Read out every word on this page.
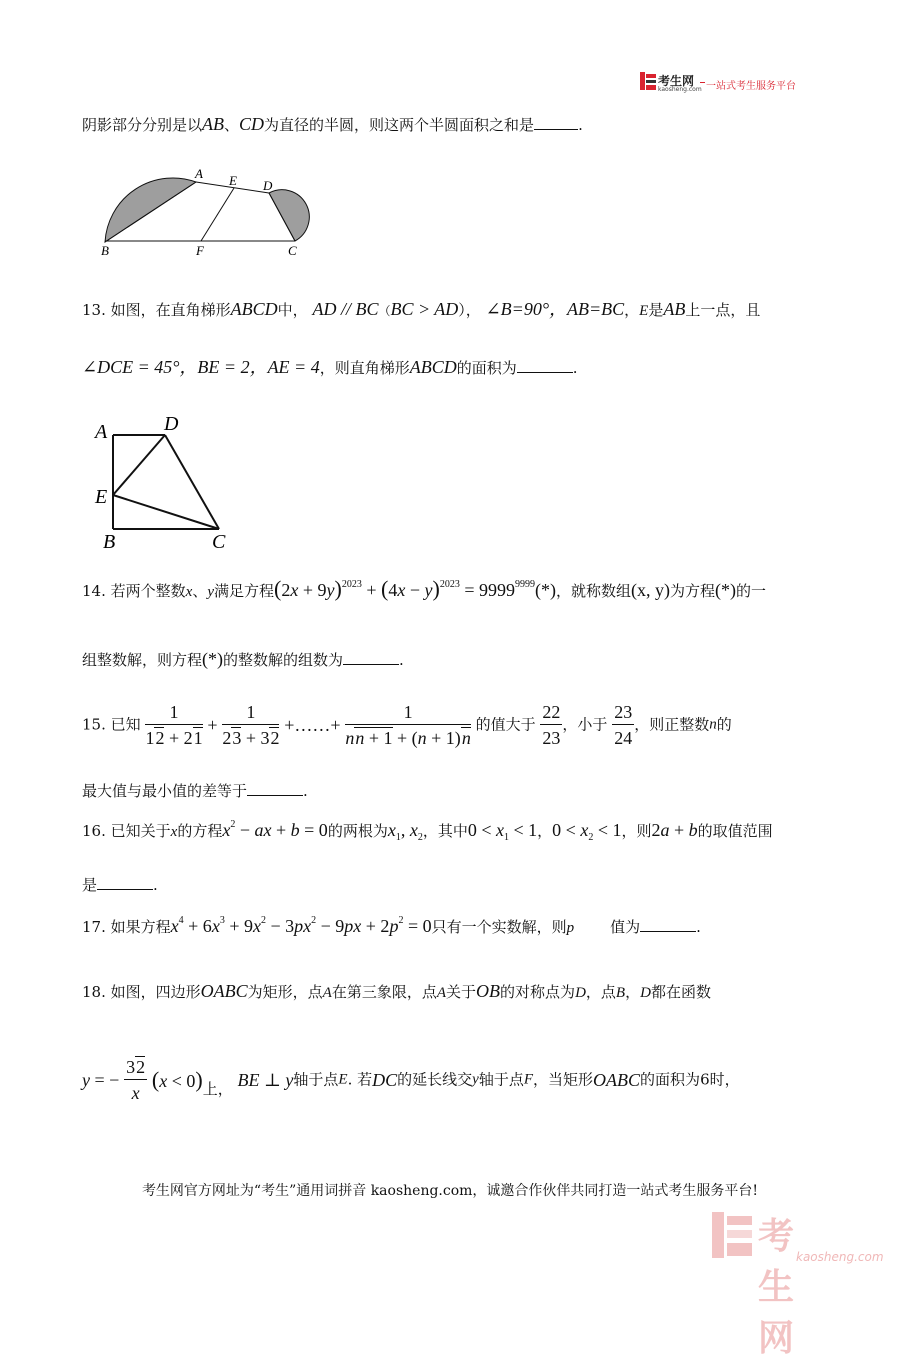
考生网
kaosheng.com 一站式考生服务平台
阴影部分分别是以AB、CD为直径的半圆，则这两个半圆面积之和是	.
A E D
B	F	C
13. 如图，在直角梯形ABCD中， AD // BC（BC > AD）， ∠B=90°，AB=BC，E是AB上一点，且
∠DCE = 45°，BE = 2，AE = 4，则直角梯形ABCD的面积为	.
A	D
E
B	C
14. 若两个整数x、y满足方程$(2x + 9y)^{2023} + (4x - y)^{2023} = 9999^{9999}(*)$，就称数组(x, y)为方程(*)的一
组整数解，则方程(*)的整数解的组数为	.
15. 已知 $\frac{1}{12 + 21} + \frac{1}{23 + 32}$ +……+ $\frac{1}{nn + 1 + (n + 1)n}$ 的值大于 $\frac{22}{23}$ ，小于 $\frac{23}{24}$ ，则正整数n的
最大值与最小值的差等于	.
16. 已知关于x的方程$x^2$ − ax + b = 0的两根为$x_1$, $x_2$，其中$0 < x_1 < 1$，$0 < x_2 < 1$，则2a + b的取值范围
是	.
17. 如果方程$x^4 + 6x^3 + 9x^2 - 3px^2 - 9px + 2p^2 = 0$只有一个实数解，则p 值为	.
18. 如图，四边形OABC为矩形，点A在第三象限，点A关于OB的对称点为D，点B，D都在函数
y = − $\frac{32}{x} (x < 0)$上， BE ⊥ y轴于点E. 若DC的延长线交y轴于点F，当矩形OABC的面积为6时，
考生网官方网址为“考生”通用词拼音 kaosheng.com，诚邀合作伙伴共同打造一站式考生服务平台!
考生网
kaosheng.com
